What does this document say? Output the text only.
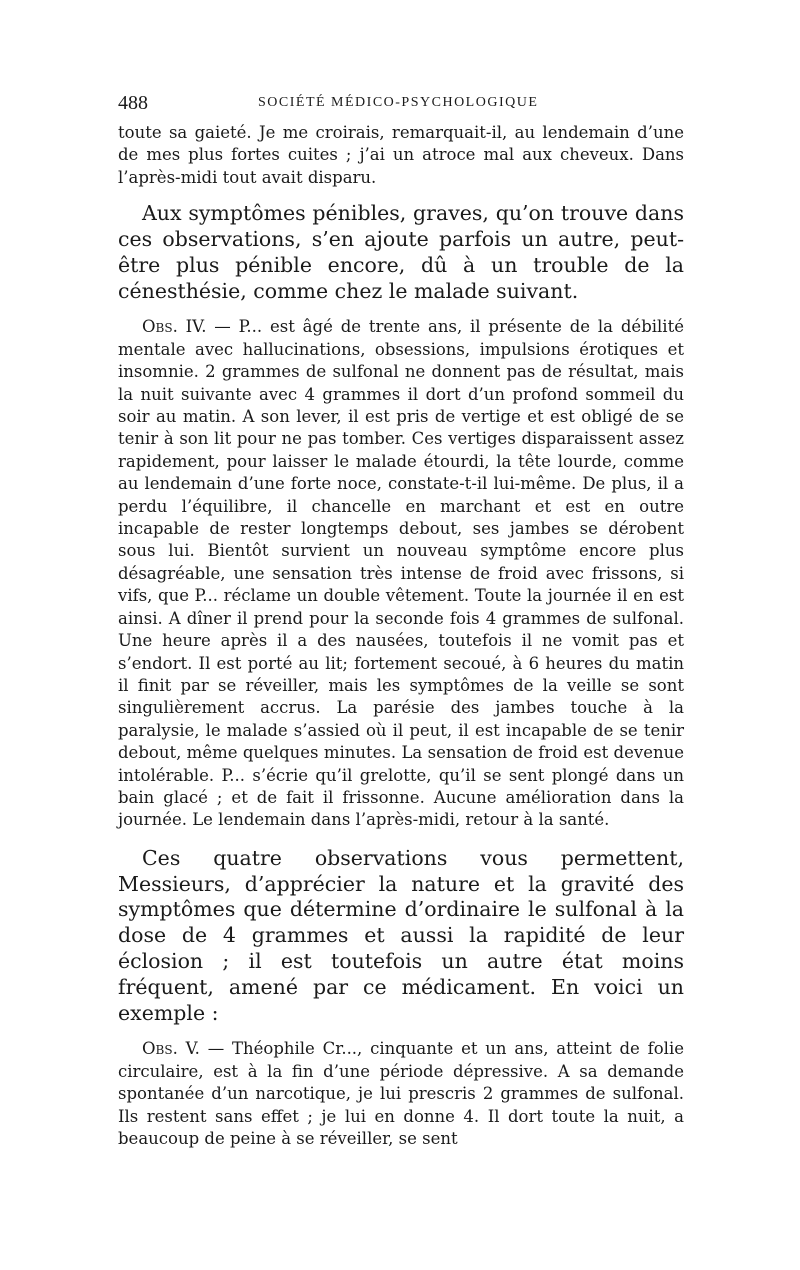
488	SOCIÉTÉ MÉDICO-PSYCHOLOGIQUE

toute sa gaieté. Je me croirais, remarquait-il, au lendemain d’une de mes plus fortes cuites ; j’ai un atroce mal aux cheveux. Dans l’après-midi tout avait disparu.

Aux symptômes pénibles, graves, qu’on trouve dans ces observations, s’en ajoute parfois un autre, peut-être plus pénible encore, dû à un trouble de la cénesthésie, comme chez le malade suivant.

Obs. IV. — P... est âgé de trente ans, il présente de la débilité mentale avec hallucinations, obsessions, impulsions érotiques et insomnie. 2 grammes de sulfonal ne donnent pas de résultat, mais la nuit suivante avec 4 grammes il dort d’un profond sommeil du soir au matin. A son lever, il est pris de vertige et est obligé de se tenir à son lit pour ne pas tomber. Ces vertiges disparaissent assez rapidement, pour laisser le malade étourdi, la tête lourde, comme au lendemain d’une forte noce, constate-t-il lui-même. De plus, il a perdu l’équilibre, il chancelle en marchant et est en outre incapable de rester longtemps debout, ses jambes se dérobent sous lui. Bientôt survient un nouveau symptôme encore plus désagréable, une sensation très intense de froid avec frissons, si vifs, que P... réclame un double vêtement. Toute la journée il en est ainsi. A dîner il prend pour la seconde fois 4 grammes de sulfonal. Une heure après il a des nausées, toutefois il ne vomit pas et s’endort. Il est porté au lit; fortement secoué, à 6 heures du matin il finit par se réveiller, mais les symptômes de la veille se sont singulièrement accrus. La parésie des jambes touche à la paralysie, le malade s’assied où il peut, il est incapable de se tenir debout, même quelques minutes. La sensation de froid est devenue intolérable. P... s’écrie qu’il grelotte, qu’il se sent plongé dans un bain glacé ; et de fait il frissonne. Aucune amélioration dans la journée. Le lendemain dans l’après-midi, retour à la santé.

Ces quatre observations vous permettent, Messieurs, d’apprécier la nature et la gravité des symptômes que détermine d’ordinaire le sulfonal à la dose de 4 grammes et aussi la rapidité de leur éclosion ; il est toutefois un autre état moins fréquent, amené par ce médicament. En voici un exemple :

Obs. V. — Théophile Cr..., cinquante et un ans, atteint de folie circulaire, est à la fin d’une période dépressive. A sa demande spontanée d’un narcotique, je lui prescris 2 grammes de sulfonal. Ils restent sans effet ; je lui en donne 4. Il dort toute la nuit, a beaucoup de peine à se réveiller, se sent
